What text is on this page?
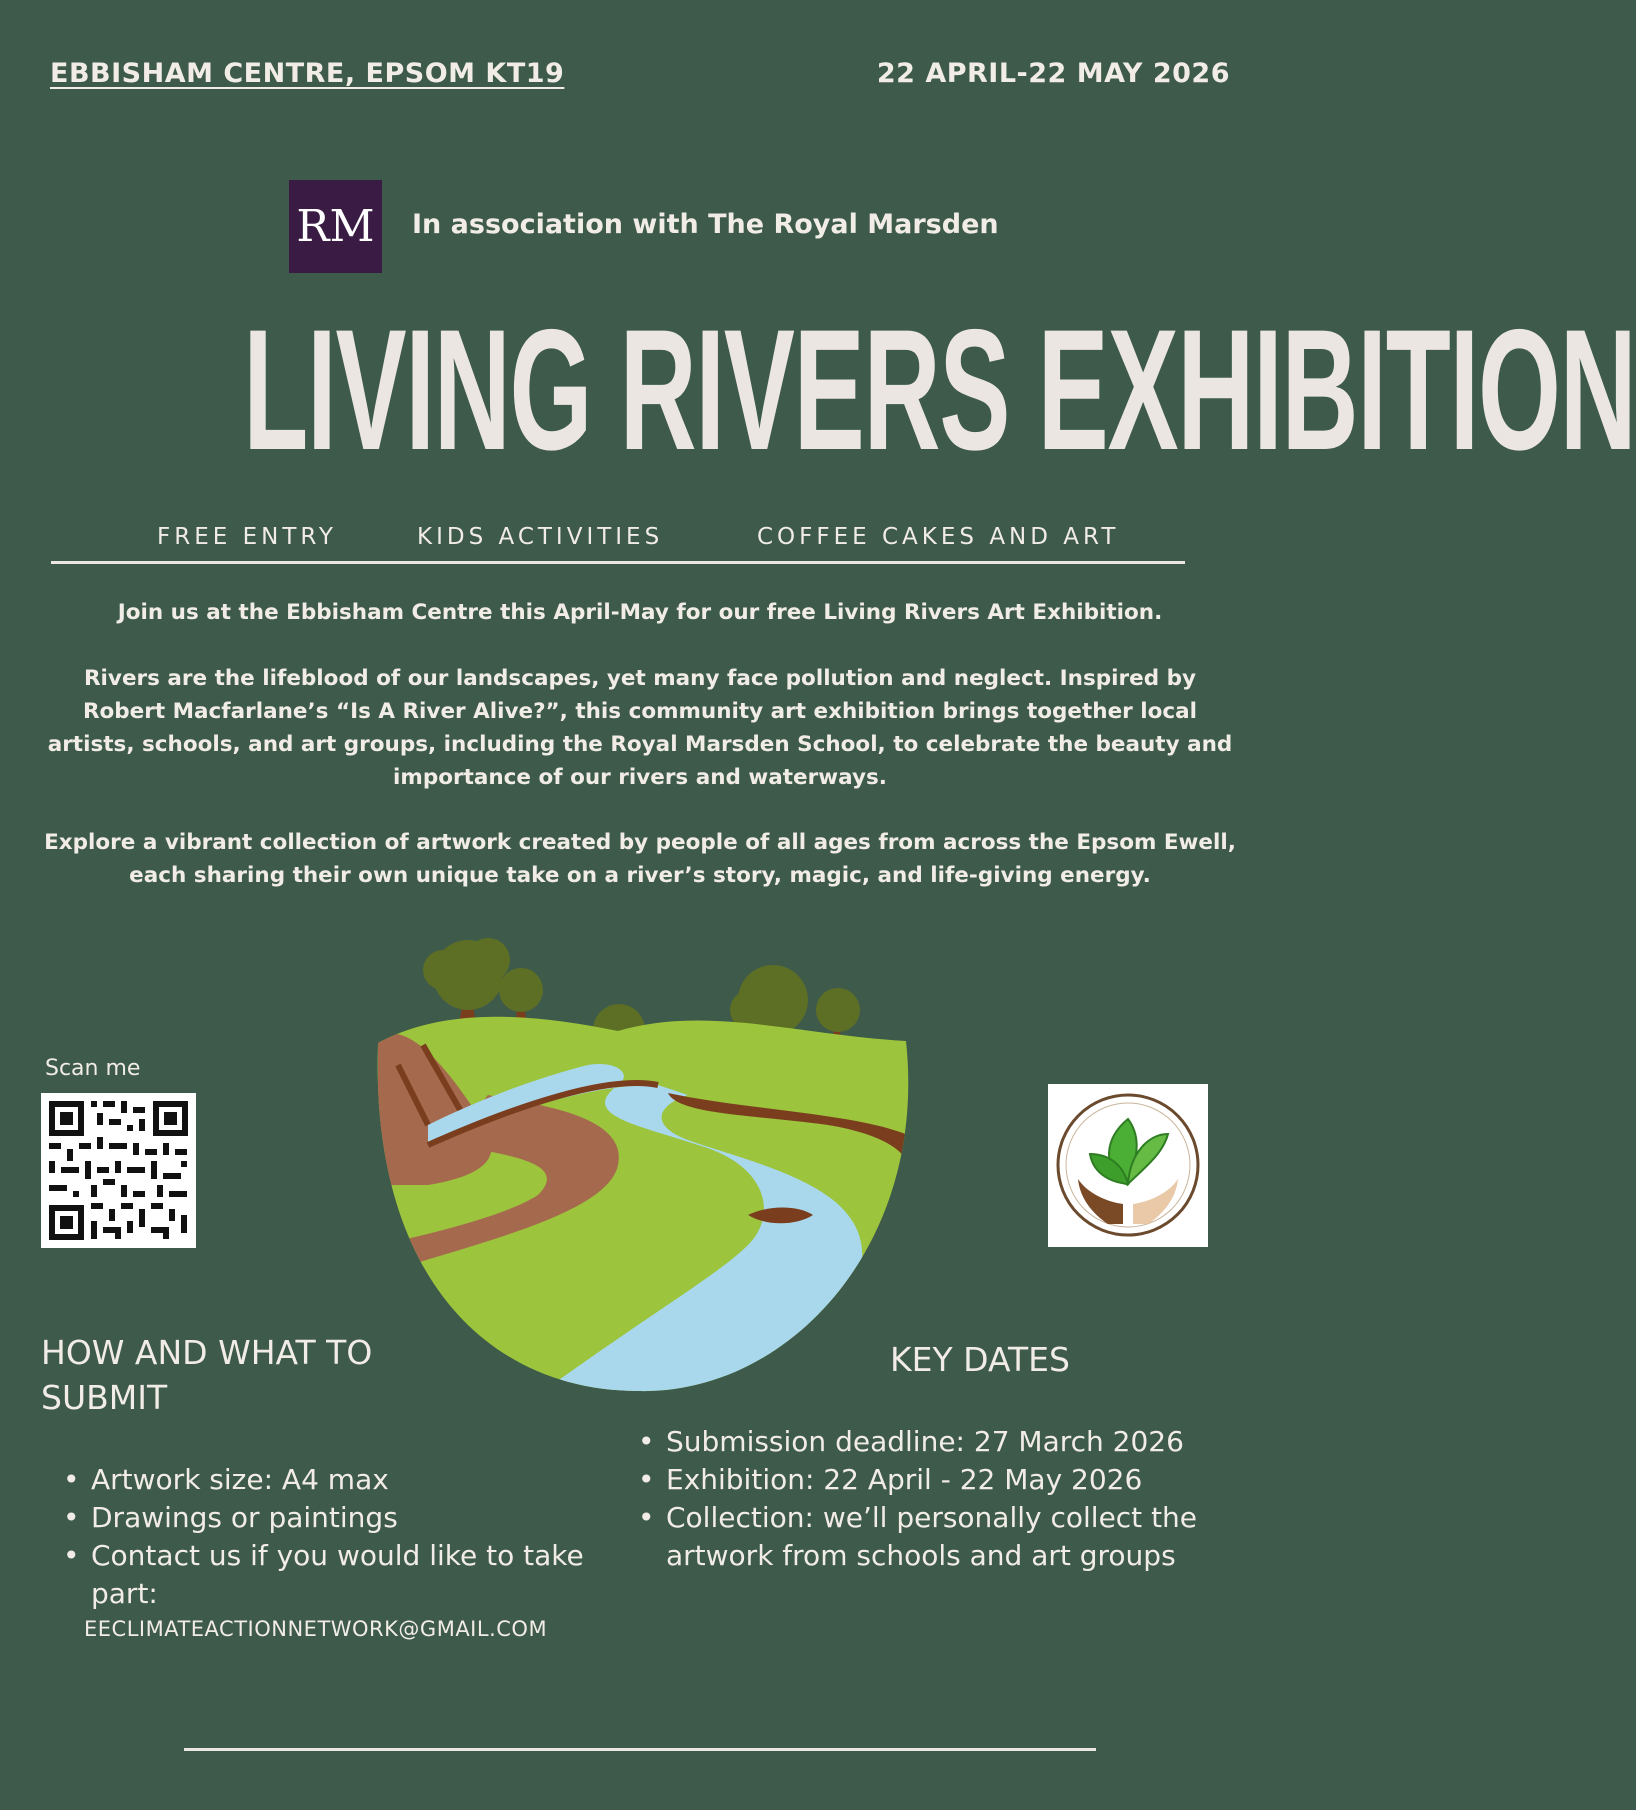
EBBISHAM CENTRE, EPSOM KT19	22 APRIL-22 MAY 2026
RM In association with The Royal Marsden
LIVING RIVERS EXHIBITION
FREE ENTRY	KIDS ACTIVITIES	COFFEE CAKES AND ART
Join us at the Ebbisham Centre this April-May for our free Living Rivers Art Exhibition.
Rivers are the lifeblood of our landscapes, yet many face pollution and neglect. Inspired by Robert Macfarlane’s “Is A River Alive?”, this community art exhibition brings together local artists, schools, and art groups, including the Royal Marsden School, to celebrate the beauty and importance of our rivers and waterways.
Explore a vibrant collection of artwork created by people of all ages from across the Epsom Ewell, each sharing their own unique take on a river’s story, magic, and life-giving energy.
Scan me
HOW AND WHAT TO SUBMIT
• Artwork size: A4 max
• Drawings or paintings
• Contact us if you would like to take part:
EECLIMATEACTIONNETWORK@GMAIL.COM
KEY DATES
• Submission deadline: 27 March 2026
• Exhibition: 22 April - 22 May 2026
• Collection: we’ll personally collect the artwork from schools and art groups
